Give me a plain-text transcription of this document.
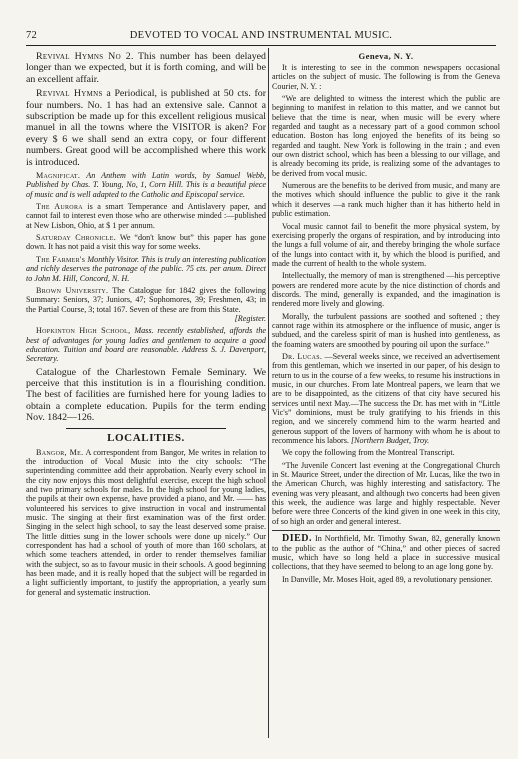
72	DEVOTED TO VOCAL AND INSTRUMENTAL MUSIC.

Revival Hymns No 2. This number has been delayed longer than we expected, but it is forth coming, and will be an excellent affair.

Revival Hymns a Periodical, is published at 50 cts. for four numbers. No. 1 has had an extensive sale. Cannot a subscription be made up for this excellent religious musical manuel in all the towns where the VISITOR is aken? For every $ 6 we shall send an extra copy, or four different numbers. Great good will be accomplished where this work is introduced.

Magnificat. An Anthem with Latin words, by Samuel Webb, Published by Chas. T. Young, No, 1, Corn Hill. This is a beautiful piece of music and is well adapted to the Catholic and Episcopal service.

The Aurora is a smart Temperance and Antislavery paper, and cannot fail to interest even those who are otherwise minded :—published at New Lisbon, Ohio, at $ 1 per annum.

Saturday Chronicle. We “don't know but” this paper has gone down. It has not paid a visit this way for some weeks.

The Farmer's Monthly Visitor. This is truly an interesting publication and richly deserves the patronage of the public. 75 cts. per anum. Direct to John M. Hill, Concord, N. H.

Brown University. The Catalogue for 1842 gives the following Summary: Seniors, 37; Juniors, 47; Sophomores, 39; Freshmen, 43; in the Partial Course, 3; total 167. Seven of these are from this State.

[Register.

Hopkinton High School, Mass. recently established, affords the best of advantages for young ladies and gentlemen to acquire a good education. Tuition and board are reasonable. Address S. J. Davenport, Secretary.

Catalogue of the Charlestown Female Seminary. We perceive that this institution is in a flourishing condition. The best of facilities are furnished here for young ladies to obtain a complete education. Pupils for the term ending Nov. 1842—126.

LOCALITIES.

Bangor, Me. A correspondent from Bangor, Me writes in relation to the introduction of Vocal Music into the city schools: “The superintending committee add their approbation. Nearly every school in the city now enjoys this most delightful exercise, except the high school and two primary schools for males. In the high school for young ladies, the pupils at their own expense, have provided a piano, and Mr. —— has volunteered his services to give instruction in vocal and instrumental music. The singing at their first examination was of the first order. Singing in the select high school, to say the least deserved some praise. The little ditties sung in the lower schools were done up nicely.” Our correspondent has had a school of youth of more than 160 scholars, at which some teachers attended, in order to render themselves familiar with the subject, so as to favour music in their schools. A good beginning has been made, and it is really hoped that the subject will be regarded in a light sufficiently important, to justify the appropriation, a yearly sum for general and systematic instruction.

Geneva, N. Y.

It is interesting to see in the common newspapers occasional articles on the subject of music. The following is from the Geneva Courier, N. Y. :

“We are delighted to witness the interest which the public are beginning to manifest in relation to this matter, and we cannot but believe that the time is near, when music will be every where regarded and taught as a necessary part of a good common school education. Boston has long enjoyed the benefits of its being so regarded and taught. New York is following in the train ; and even our own district school, which has been a blessing to our village, and is already becoming its pride, is realizing some of the advantages to be derived from vocal music.

Numerous are the benefits to be derived from music, and many are the motives which should influence the public to give it the rank which it deserves —a rank much higher than it has hitherto held in public estimation.

Vocal music cannot fail to benefit the more physical system, by exercising properly the organs of respiration, and by introducing into the lungs a full volume of air, and thereby bringing the whole surface of the lungs into contact with it, by which the blood is purified, and made the current of health to the whole system.

Intellectually, the memory of man is strengthened —his perceptive powers are rendered more acute by the nice distinction of chords and discords. The mind, generally is expanded, and the imagination is rendered more lively and glowing.

Morally, the turbulent passions are soothed and softened ; they cannot rage within its atmosphere or the influence of music, anger is subdued, and the careless spirit of man is hushed into gentleness, as the foaming waters are smoothed by pouring oil upon the surface.”

Dr. Lucas. —Several weeks since, we received an advertisement from this gentleman, which we inserted in our paper, of his design to return to us in the course of a few weeks, to resume his instructions in music, in our churches. From late Montreal papers, we learn that we are to be disappointed, as the citizens of that city have secured his services until next May.—The success the Dr. has met with in “Little Vic's” dominions, must be truly gratifying to his friends in this region, and we sincerely commend him to the warm hearted and generous support of the lovers of harmony with whom he is about to recommence his labors. [Northern Budget, Troy.

We copy the following from the Montreal Transcript.

“The Juvenile Concert last evening at the Congregational Church in St. Maurice Street, under the direction of Mr. Lucas, like the two in the American Church, was highly interesting and satisfactory. The evening was very pleasant, and although two concerts had been given this week, the audience was large and highly respectable. Never before were three Concerts of the kind given in one week in this city, of so high an order and general interest.

DIED. In Northfield, Mr. Timothy Swan, 82, generally known to the public as the author of “China,” and other pieces of sacred music, which have so long held a place in successive musical collections, that they have seemed to belong to an age long gone by.

In Danville, Mr. Moses Hoit, aged 89, a revolutionary pensioner.
